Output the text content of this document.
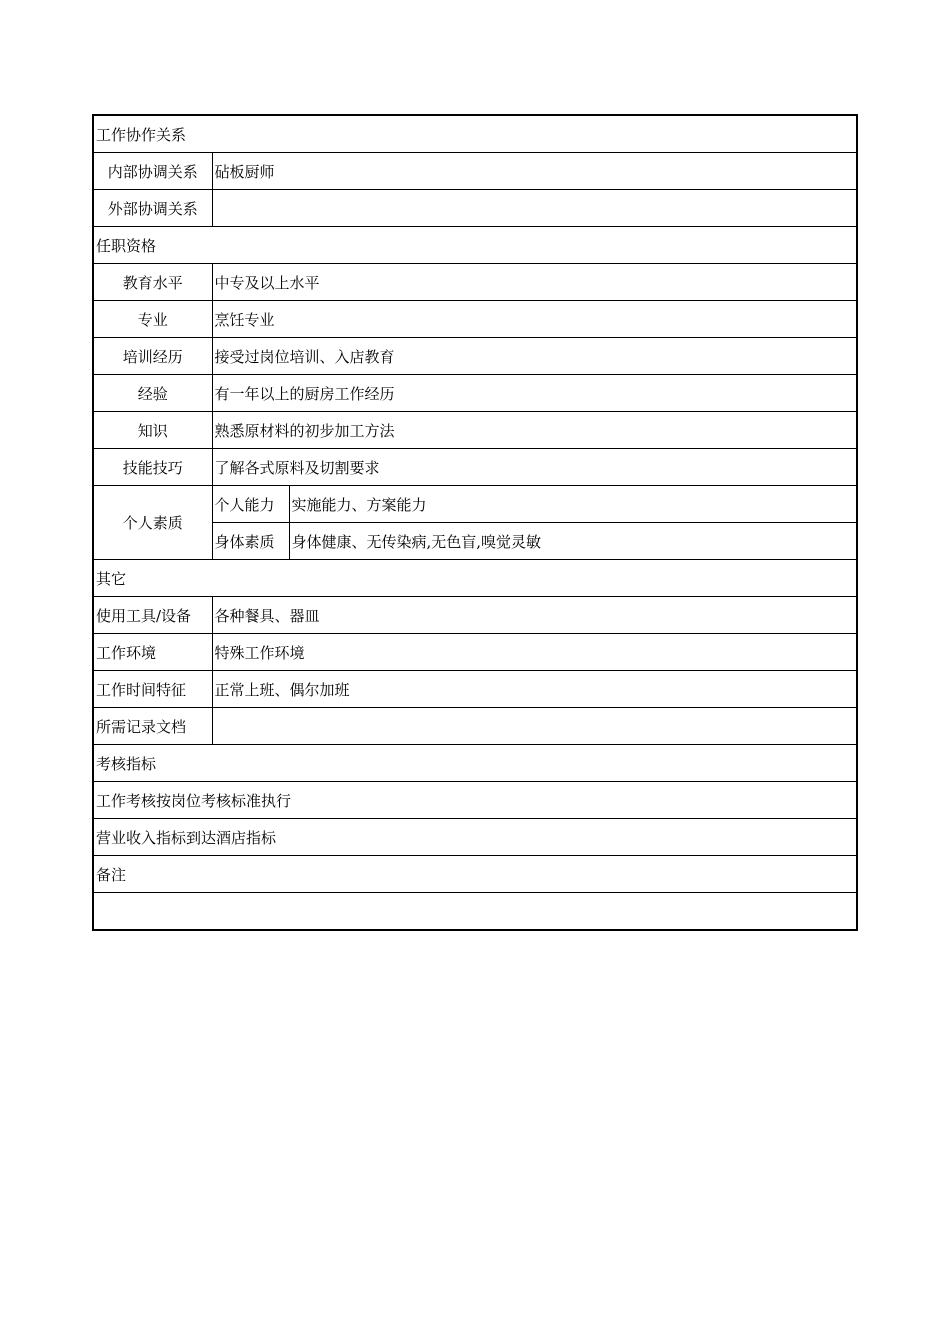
工作协作关系		
内部协调关系	砧板厨师	
外部协调关系		
任职资格		
教育水平	中专及以上水平	
专业	烹饪专业	
培训经历	接受过岗位培训、入店教育	
经验	有一年以上的厨房工作经历	
知识	熟悉原材料的初步加工方法	
技能技巧	了解各式原料及切割要求	
个人素质	个人能力	实施能力、方案能力
	身体素质	身体健康、无传染病,无色盲,嗅觉灵敏
其它		
使用工具/设备	各种餐具、器皿	
工作环境	特殊工作环境	
工作时间特征	正常上班、偶尔加班	
所需记录文档		
考核指标		
工作考核按岗位考核标准执行		
营业收入指标到达酒店指标		
备注		
